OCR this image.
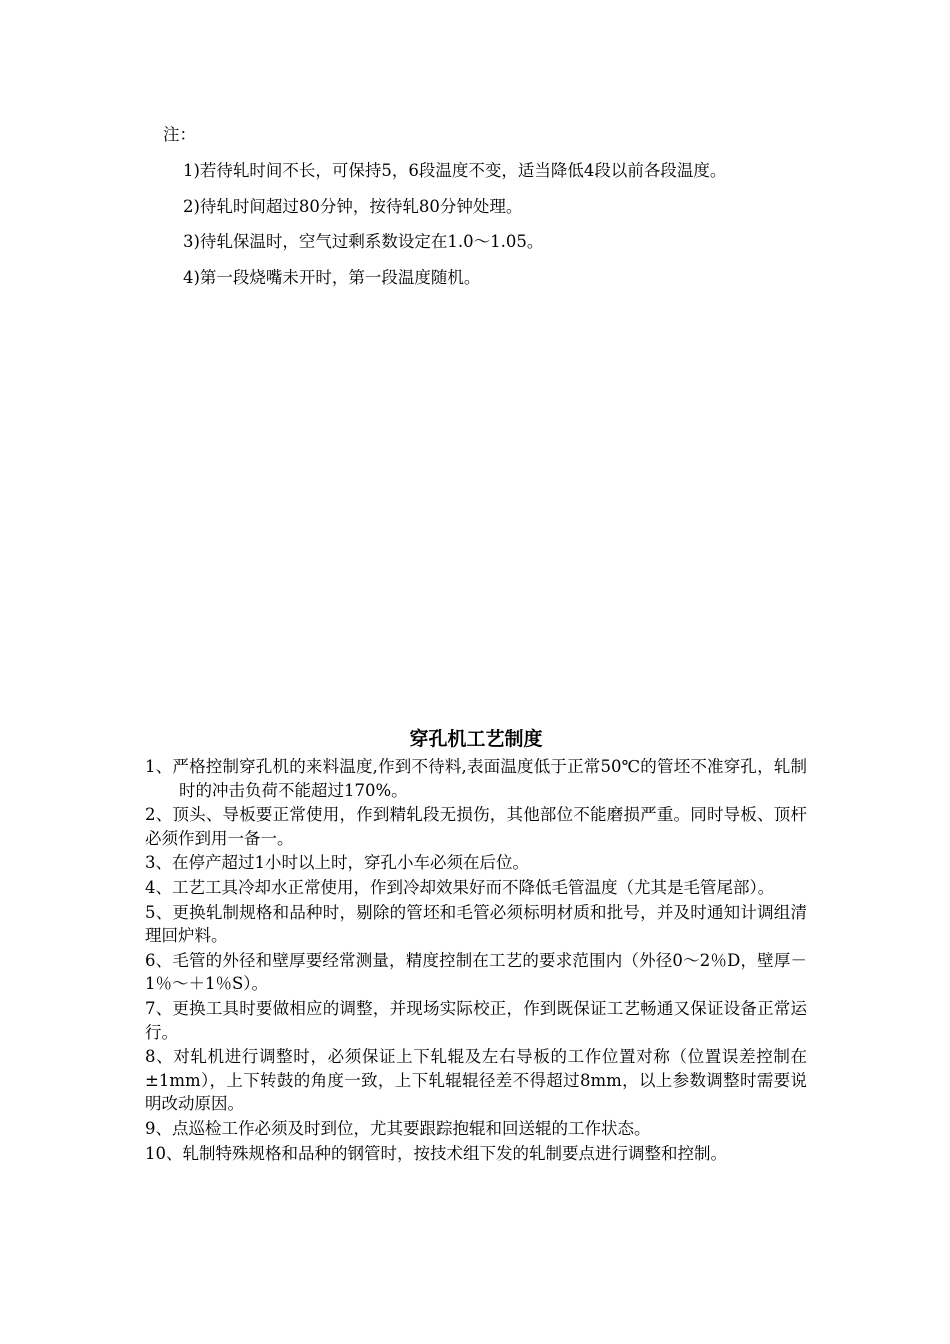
注：
1)若待轧时间不长，可保持5，6段温度不变，适当降低4段以前各段温度。
2)待轧时间超过80分钟，按待轧80分钟处理。
3)待轧保温时，空气过剩系数设定在1.0～1.05。
4)第一段烧嘴未开时，第一段温度随机。
穿孔机工艺制度

1、严格控制穿孔机的来料温度,作到不待料,表面温度低于正常50℃的管坯不准穿孔，轧制时的冲击负荷不能超过170%。

2、顶头、导板要正常使用，作到精轧段无损伤，其他部位不能磨损严重。同时导板、顶杆必须作到用一备一。

3、在停产超过1小时以上时，穿孔小车必须在后位。

4、工艺工具冷却水正常使用，作到冷却效果好而不降低毛管温度（尤其是毛管尾部）。

5、更换轧制规格和品种时，剔除的管坯和毛管必须标明材质和批号，并及时通知计调组清理回炉料。

6、毛管的外径和壁厚要经常测量，精度控制在工艺的要求范围内（外径0～2％D，壁厚－1％～＋1％S）。

7、更换工具时要做相应的调整，并现场实际校正，作到既保证工艺畅通又保证设备正常运行。

8、对轧机进行调整时，必须保证上下轧辊及左右导板的工作位置对称（位置误差控制在±1mm），上下转鼓的角度一致，上下轧辊辊径差不得超过8mm，以上参数调整时需要说明改动原因。

9、点巡检工作必须及时到位，尤其要跟踪抱辊和回送辊的工作状态。

10、轧制特殊规格和品种的钢管时，按技术组下发的轧制要点进行调整和控制。
